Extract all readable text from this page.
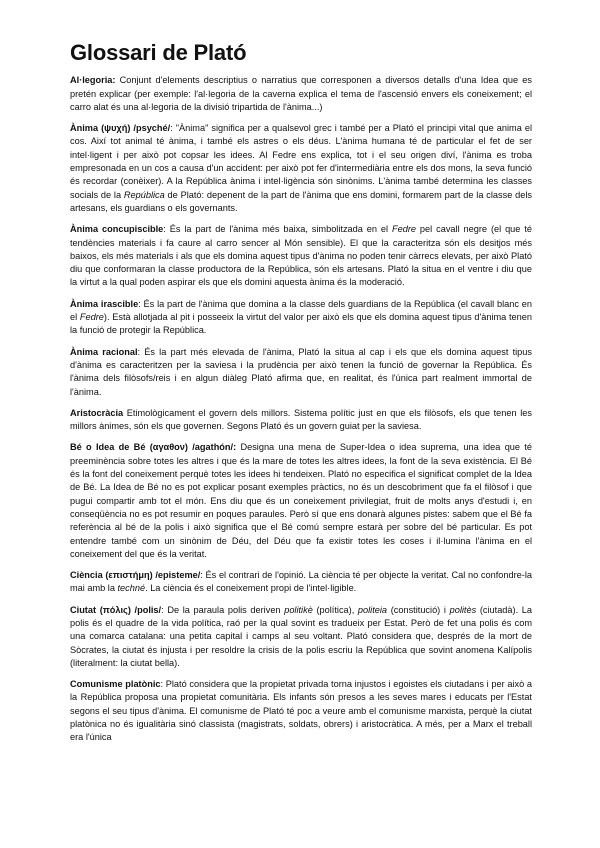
Glossari de Plató

Al·legoria: Conjunt d'elements descriptius o narratius que corresponen a diversos detalls d'una Idea que es pretén explicar (per exemple: l'al·legoria de la caverna explica el tema de l'ascensió envers els coneixement; el carro alat és una al·legoria de la divisió tripartida de l'ànima...)

Ànima (ψυχή) /psyché/: "Ànima" significa per a qualsevol grec i també per a Plató el principi vital que anima el cos. Així tot animal té ànima, i també els astres o els déus. L'ànima humana té de particular el fet de ser intel·ligent i per això pot copsar les idees. Al Fedre ens explica, tot i el seu origen diví, l'ànima es troba empresonada en un cos a causa d'un accident: per això pot fer d'intermediària entre els dos mons, la seva funció és recordar (conèixer). A la República ànima i intel·ligència són sinònims. L'ànima també determina les classes socials de la República de Plató: depenent de la part de l'ànima que ens domini, formarem part de la classe dels artesans, els guardians o els governants.

Ànima concupiscible: És la part de l'ànima més baixa, simbolitzada en el Fedre pel cavall negre (el que té tendències materials i fa caure al carro sencer al Món sensible). El que la caracteritza són els desitjos més baixos, els més materials i als que els domina aquest tipus d'ànima no poden tenir càrrecs elevats, per això Plató diu que conformaran la classe productora de la República, són els artesans. Plató la situa en el ventre i diu que la virtut a la qual poden aspirar els que els domini aquesta ànima és la moderació.

Ànima irascible: És la part de l'ànima que domina a la classe dels guardians de la República (el cavall blanc en el Fedre). Està allotjada al pit i posseeix la virtut del valor per això els que els domina aquest tipus d'ànima tenen la funció de protegir la República.

Ànima racional: És la part més elevada de l'ànima, Plató la situa al cap i els que els domina aquest tipus d'ànima es caracteritzen per la saviesa i la prudència per això tenen la funció de governar la República. És l'ànima dels filòsofs/reis i en algun diàleg Plató afirma que, en realitat, és l'única part realment immortal de l'ànima.

Aristocràcia Etimològicament el govern dels millors. Sistema polític just en que els filòsofs, els que tenen les millors ànimes, són els que governen. Segons Plató és un govern guiat per la saviesa.

Bé o Idea de Bé (αγαθον) /agathón/: Designa una mena de Super-Idea o idea suprema, una idea que té preeminència sobre totes les altres i que és la mare de totes les altres idees, la font de la seva existència. El Bé és la font del coneixement perquè totes les idees hi tendeixen. Plató no especifica el significat complet de la Idea de Bé. La Idea de Bé no es pot explicar posant exemples pràctics, no és un descobriment que fa el filòsof i que pugui compartir amb tot el món. Ens diu que és un coneixement privilegiat, fruit de molts anys d'estudi i, en conseqüència no es pot resumir en poques paraules. Però sí que ens donarà algunes pistes: sabem que el Bé fa referència al bé de la polis i això significa que el Bé comú sempre estarà per sobre del bé particular. Es pot entendre també com un sinònim de Déu, del Déu que fa existir totes les coses i il·lumina l'ànima en el coneixement del que és la veritat.

Ciència (επιστήμη) /episteme/: És el contrari de l'opinió. La ciència té per objecte la veritat. Cal no confondre-la mai amb la techné. La ciència és el coneixement propi de l'intel·ligible.

Ciutat (πόλις) /polis/: De la paraula polis deriven politikè (política), politeia (constitució) i politès (ciutadà). La polis és el quadre de la vida política, raó per la qual sovint es tradueix per Estat. Però de fet una polis és com una comarca catalana: una petita capital i camps al seu voltant. Plató considera que, després de la mort de Sòcrates, la ciutat és injusta i per resoldre la crisis de la polis escriu la República que sovint anomena Kalípolis (literalment: la ciutat bella).

Comunisme platònic: Plató considera que la propietat privada torna injustos i egoistes els ciutadans i per això a la República proposa una propietat comunitària. Els infants són presos a les seves mares i educats per l'Estat segons el seu tipus d'ànima. El comunisme de Plató té poc a veure amb el comunisme marxista, perquè la ciutat platònica no és igualitària sinó classista (magistrats, soldats, obrers) i aristocràtica. A més, per a Marx el treball era l'única
